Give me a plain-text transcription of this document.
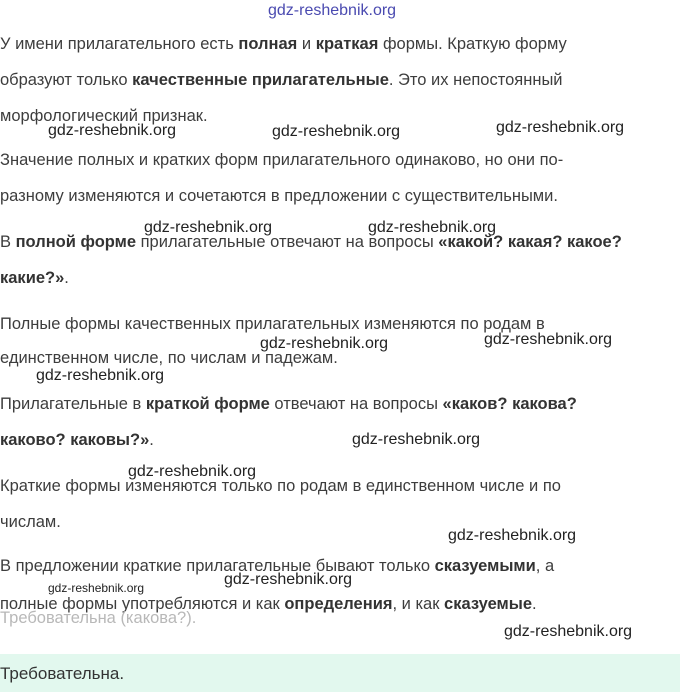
У имени прилагательного есть полная и краткая формы. Краткую форму
образуют только качественные прилагательные. Это их непостоянный
морфологический признак.
Значение полных и кратких форм прилагательного одинаково, но они по-
разному изменяются и сочетаются в предложении с существительными.
В полной форме прилагательные отвечают на вопросы «какой? какая? какое?
какие?».
Полные формы качественных прилагательных изменяются по родам в
единственном числе, по числам и падежам.
Прилагательные в краткой форме отвечают на вопросы «каков? какова?
каково? каковы?».
Краткие формы изменяются только по родам в единственном числе и по
числам.
В предложении краткие прилагательные бывают только сказуемыми, а
полные формы употребляются и как определения, и как сказуемые.
Требовательна (какова?).
Требовательна.
gdz-reshebnik.org
gdz-reshebnik.org	gdz-reshebnik.org	gdz-reshebnik.org
gdz-reshebnik.org	gdz-reshebnik.org
gdz-reshebnik.org	gdz-reshebnik.org
gdz-reshebnik.org
gdz-reshebnik.org
gdz-reshebnik.org
gdz-reshebnik.org
gdz-reshebnik.org	gdz-reshebnik.org
gdz-reshebnik.org
